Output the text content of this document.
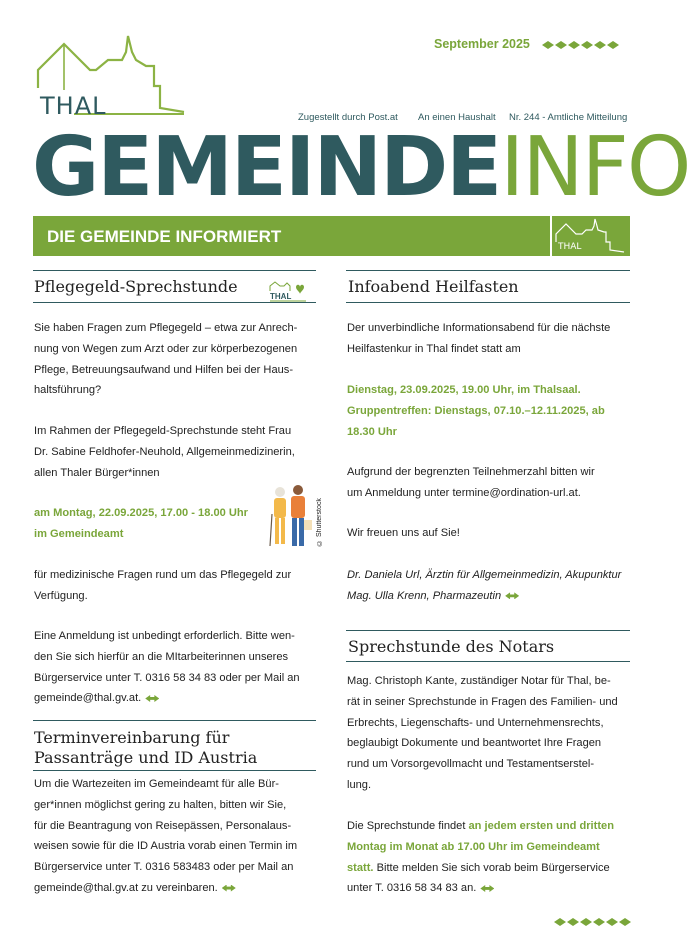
THAL
September 2025
Zugestellt durch Post.at An einen Haushalt Nr. 244 - Amtliche Mitteilung
GEMEINDEINFO
DIE GEMEINDE INFORMIERT
THAL
Pflegegeld-Sprechstunde
THAL
Sie haben Fragen zum Pflegegeld – etwa zur Anrech-
nung von Wegen zum Arzt oder zur körperbezogenen
Pflege, Betreuungsaufwand und Hilfen bei der Haus-
haltsführung?
Im Rahmen der Pflegegeld-Sprechstunde steht Frau
Dr. Sabine Feldhofer-Neuhold, Allgemeinmedizinerin,
allen Thaler Bürger*innen
am Montag, 22.09.2025, 17.00 - 18.00 Uhr
im Gemeindeamt	© Shutterstock
für medizinische Fragen rund um das Pflegegeld zur
Verfügung.
Eine Anmeldung ist unbedingt erforderlich. Bitte wen-
den Sie sich hierfür an die MItarbeiterinnen unseres
Bürgerservice unter T. 0316 58 34 83 oder per Mail an
gemeinde@thal.gv.at.
Terminvereinbarung für
Passanträge und ID Austria
Um die Wartezeiten im Gemeindeamt für alle Bür-
ger*innen möglichst gering zu halten, bitten wir Sie,
für die Beantragung von Reisepässen, Personalaus-
weisen sowie für die ID Austria vorab einen Termin im
Bürgerservice unter T. 0316 583483 oder per Mail an
gemeinde@thal.gv.at zu vereinbaren.
Infoabend Heilfasten
Der unverbindliche Informationsabend für die nächste
Heilfastenkur in Thal findet statt am
Dienstag, 23.09.2025, 19.00 Uhr, im Thalsaal.
Gruppentreffen: Dienstags, 07.10.–12.11.2025, ab
18.30 Uhr
Aufgrund der begrenzten Teilnehmerzahl bitten wir
um Anmeldung unter termine@ordination-url.at.
Wir freuen uns auf Sie!
Dr. Daniela Url, Ärztin für Allgemeinmedizin, Akupunktur
Mag. Ulla Krenn, Pharmazeutin
Sprechstunde des Notars
Mag. Christoph Kante, zuständiger Notar für Thal, be-
rät in seiner Sprechstunde in Fragen des Familien- und
Erbrechts, Liegenschafts- und Unternehmensrechts,
beglaubigt Dokumente und beantwortet Ihre Fragen
rund um Vorsorgevollmacht und Testamentserstel-
lung.
Die Sprechstunde findet an jedem ersten und dritten
Montag im Monat ab 17.00 Uhr im Gemeindeamt
statt. Bitte melden Sie sich vorab beim Bürgerservice
unter T. 0316 58 34 83 an.
